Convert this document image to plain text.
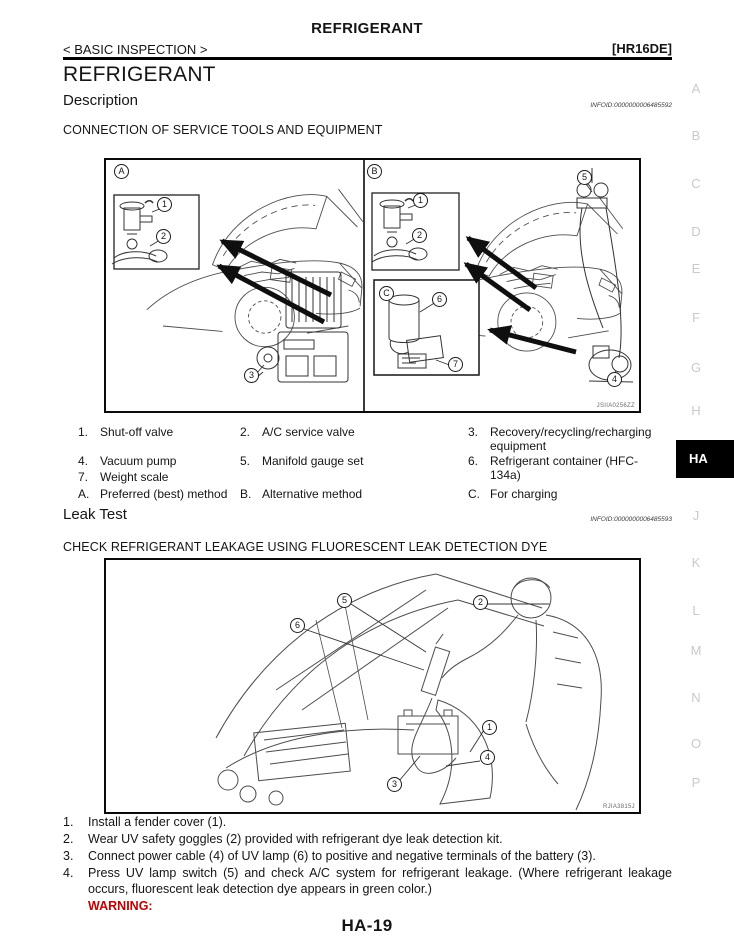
REFRIGERANT
< BASIC INSPECTION >	[HR16DE]
REFRIGERANT
Description	INFOID:0000000006485592
CONNECTION OF SERVICE TOOLS AND EQUIPMENT
A
1
2
3
B
1
2
5
C
6
7
4
JSIIA0256ZZ
1. Shut-off valve	2. A/C service valve	3. Recovery/recycling/recharging equipment
4. Vacuum pump	5. Manifold gauge set	6. Refrigerant container (HFC-134a)
7. Weight scale
A. Preferred (best) method B. Alternative method	C. For charging
Leak Test	INFOID:0000000006485593
CHECK REFRIGERANT LEAKAGE USING FLUORESCENT LEAK DETECTION DYE
5
6
2
1
4
3
RJIA3815J
1. Install a fender cover (1).
2. Wear UV safety goggles (2) provided with refrigerant dye leak detection kit.
3. Connect power cable (4) of UV lamp (6) to positive and negative terminals of the battery (3).
4. Press UV lamp switch (5) and check A/C system for refrigerant leakage. (Where refrigerant leakage occurs, fluorescent leak detection dye appears in green color.)
WARNING:
HA-19
A
B
C
D
E
F
G
H
HA
J
K
L
M
N
O
P
